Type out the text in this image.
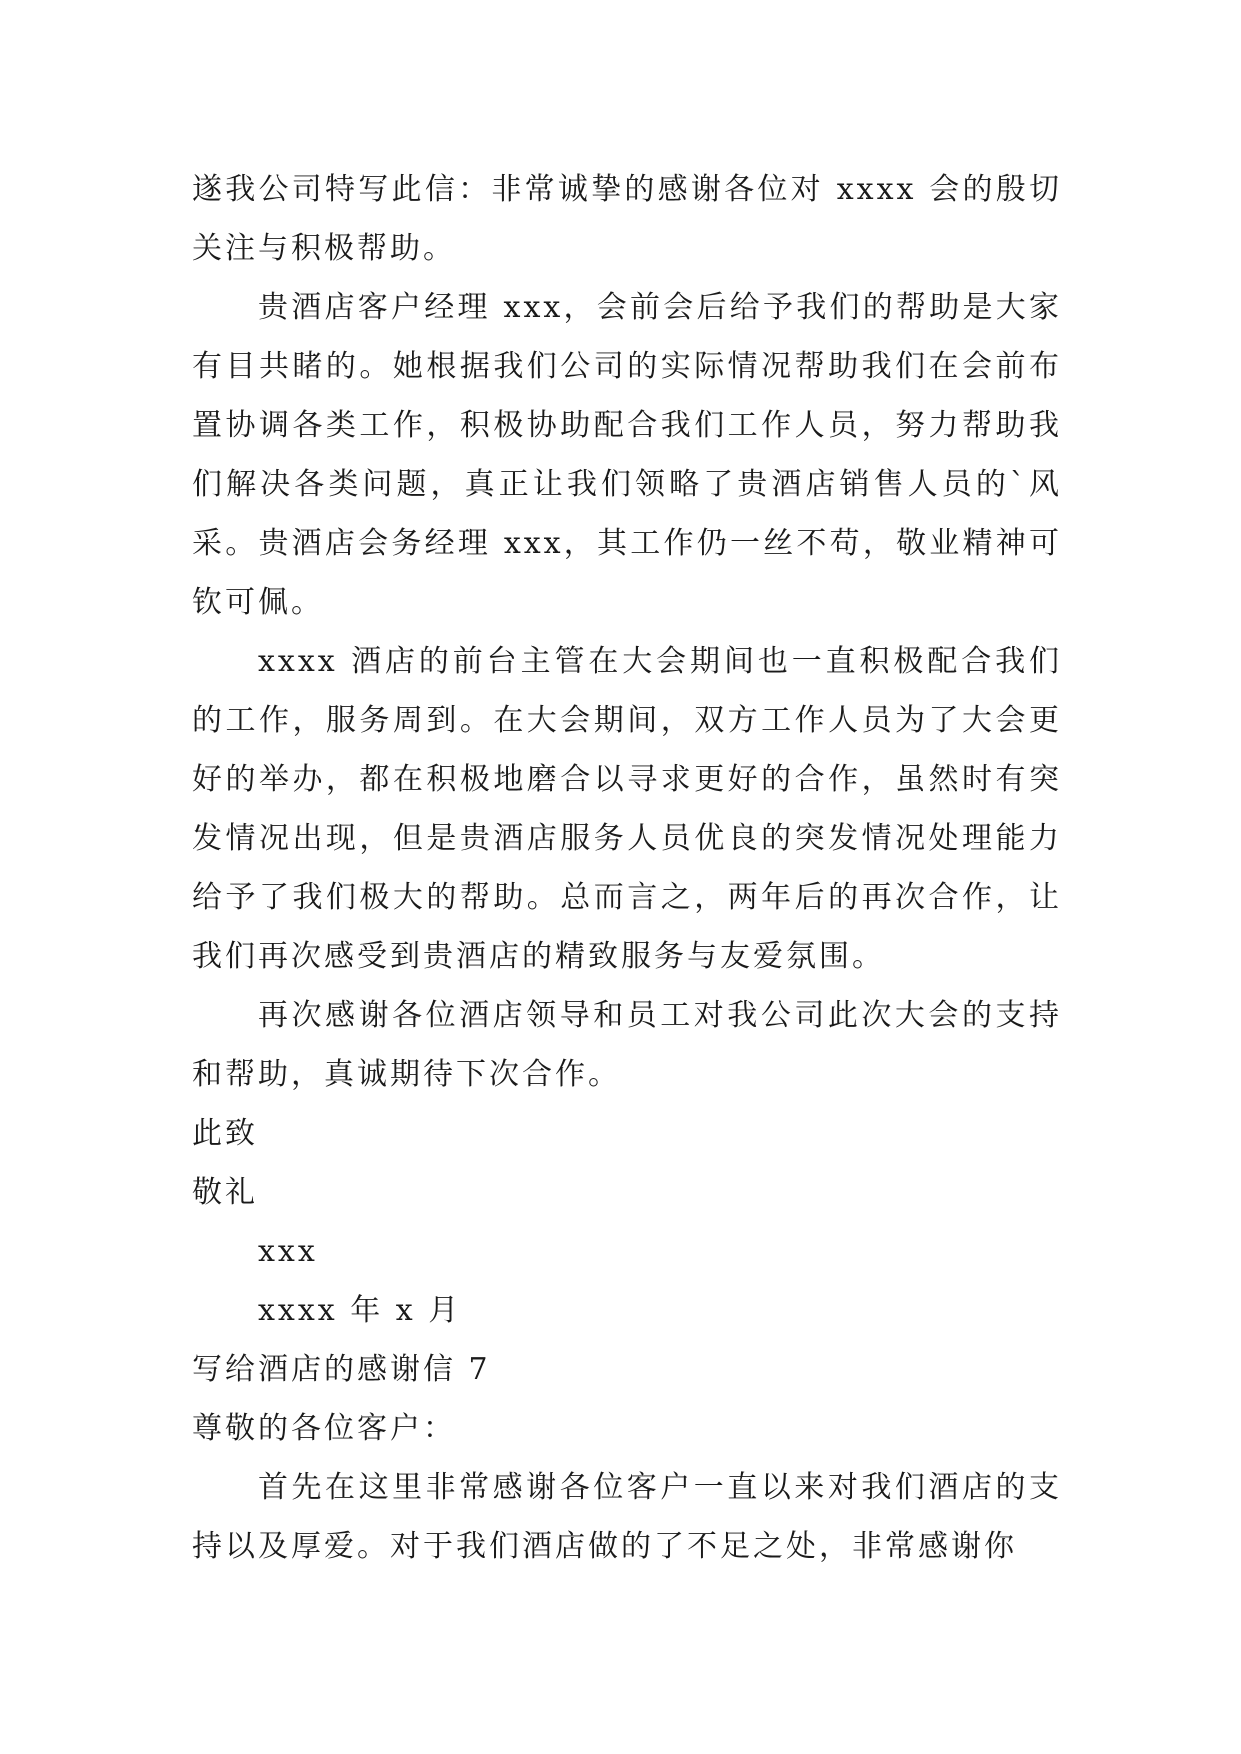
遂我公司特写此信：非常诚挚的感谢各位对 xxxx 会的殷切关注与积极帮助。

贵酒店客户经理 xxx，会前会后给予我们的帮助是大家有目共睹的。她根据我们公司的实际情况帮助我们在会前布置协调各类工作，积极协助配合我们工作人员，努力帮助我们解决各类问题，真正让我们领略了贵酒店销售人员的`风采。贵酒店会务经理 xxx，其工作仍一丝不苟，敬业精神可钦可佩。

xxxx 酒店的前台主管在大会期间也一直积极配合我们的工作，服务周到。在大会期间，双方工作人员为了大会更好的举办，都在积极地磨合以寻求更好的合作，虽然时有突发情况出现，但是贵酒店服务人员优良的突发情况处理能力给予了我们极大的帮助。总而言之，两年后的再次合作，让我们再次感受到贵酒店的精致服务与友爱氛围。

再次感谢各位酒店领导和员工对我公司此次大会的支持和帮助，真诚期待下次合作。

此致

敬礼

xxx

xxxx 年 x 月

写给酒店的感谢信 7

尊敬的各位客户：

首先在这里非常感谢各位客户一直以来对我们酒店的支持以及厚爱。对于我们酒店做的了不足之处，非常感谢你
